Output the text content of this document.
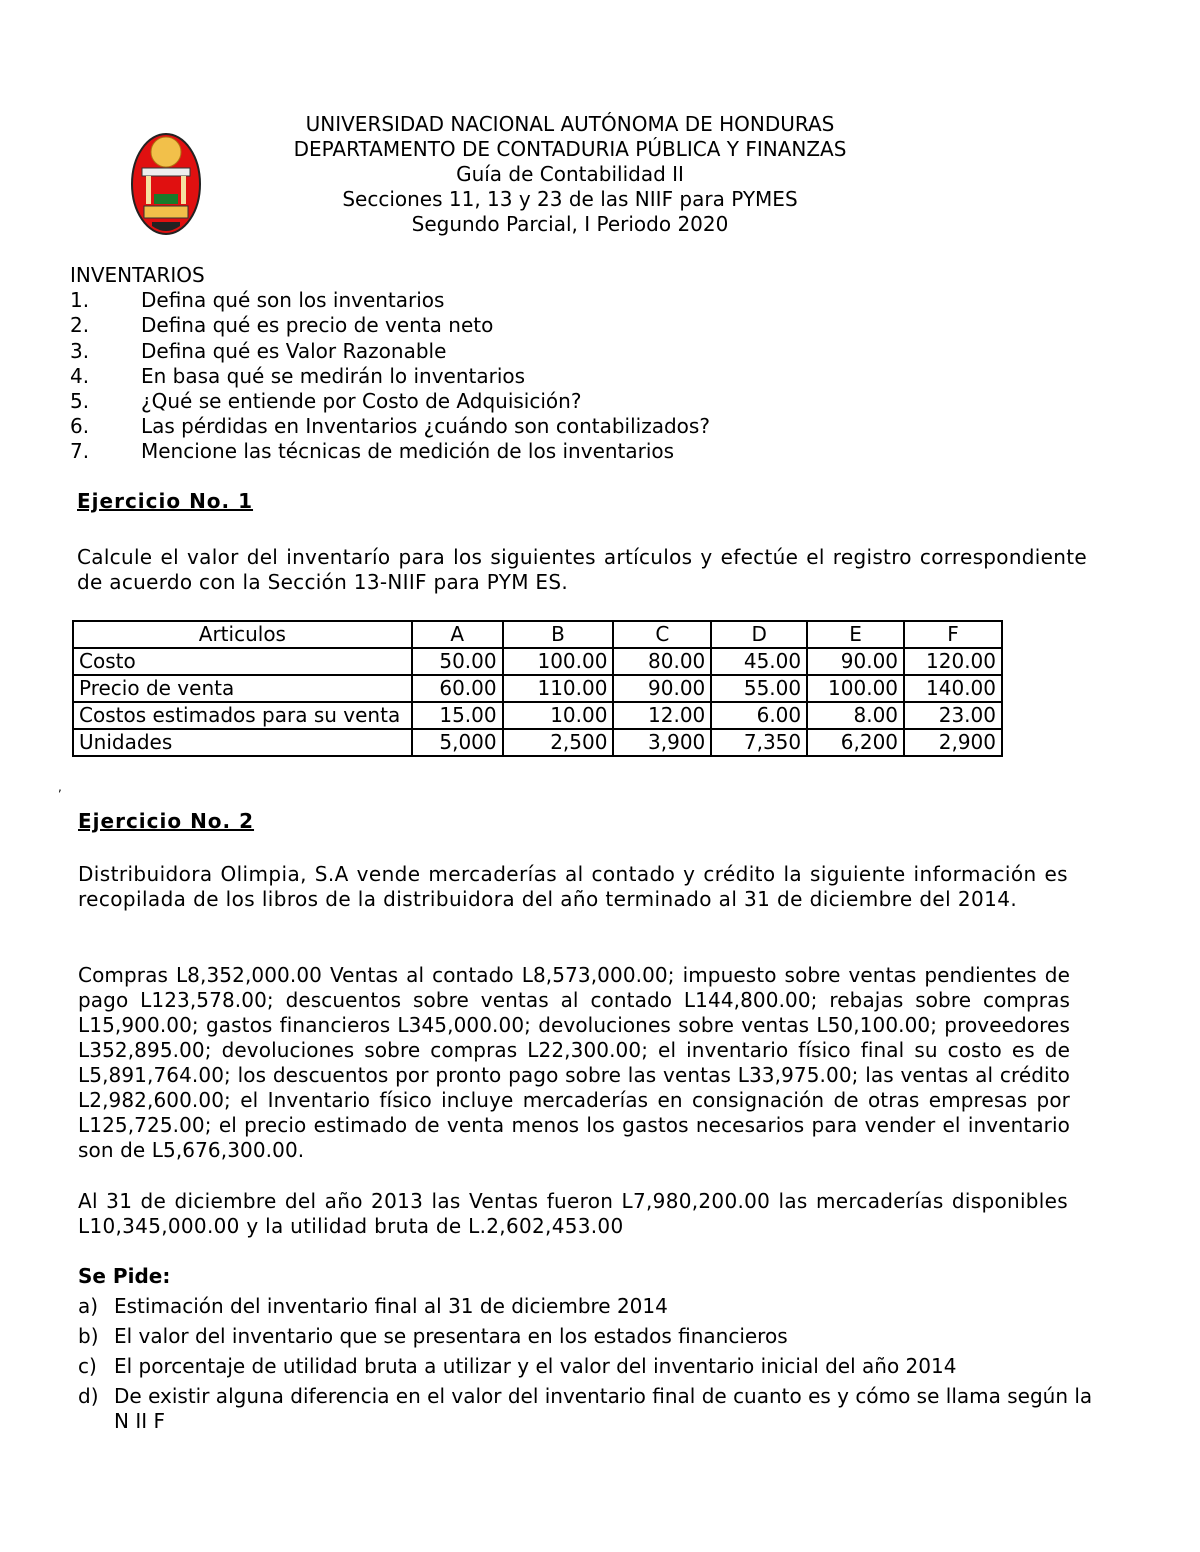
UNIVERSIDAD NACIONAL AUTÓNOMA DE HONDURAS
DEPARTAMENTO DE CONTADURIA PÚBLICA Y FINANZAS
Guía de Contabilidad II
Secciones 11, 13 y 23 de las NIIF para PYMES
Segundo Parcial, I Periodo 2020
INVENTARIOS
1.	Defina qué son los inventarios
2.	Defina qué es precio de venta neto
3.	Defina qué es Valor Razonable
4.	En basa qué se medirán lo inventarios
5.	¿Qué se entiende por Costo de Adquisición?
6.	Las pérdidas en Inventarios ¿cuándo son contabilizados?
7.	Mencione las técnicas de medición de los inventarios
Ejercicio No. 1
Calcule el valor del inventarío para los siguientes artículos y efectúe el registro correspondiente de acuerdo con la Sección 13-NIIF para PYM ES.
Articulos	A	B	C	D	E	F
Costo	50.00	100.00	80.00	45.00	90.00	120.00
Precio de venta	60.00	110.00	90.00	55.00	100.00	140.00
Costos estimados para su venta	15.00	10.00	12.00	6.00	8.00	23.00
Unidades	5,000	2,500	3,900	7,350	6,200	2,900
,
Ejercicio No. 2
Distribuidora Olimpia, S.A vende mercaderías al contado y crédito la siguiente información es recopilada de los libros de la distribuidora del año terminado al 31 de diciembre del 2014.
Compras L8,352,000.00 Ventas al contado L8,573,000.00; impuesto sobre ventas pendientes de pago L123,578.00; descuentos sobre ventas al contado L144,800.00; rebajas sobre compras L15,900.00; gastos financieros L345,000.00; devoluciones sobre ventas L50,100.00; proveedores L352,895.00; devoluciones sobre compras L22,300.00; el inventario físico final su costo es de L5,891,764.00; los descuentos por pronto pago sobre las ventas L33,975.00; las ventas al crédito L2,982,600.00; el Inventario físico incluye mercaderías en consignación de otras empresas por L125,725.00; el precio estimado de venta menos los gastos necesarios para vender el inventario son de L5,676,300.00.
Al 31 de diciembre del año 2013 las Ventas fueron L7,980,200.00 las mercaderías disponibles L10,345,000.00 y la utilidad bruta de L.2,602,453.00
Se Pide:
a) Estimación del inventario final al 31 de diciembre 2014
b) El valor del inventario que se presentara en los estados financieros
c) El porcentaje de utilidad bruta a utilizar y el valor del inventario inicial del año 2014
d) De existir alguna diferencia en el valor del inventario final de cuanto es y cómo se llama según la N II F
